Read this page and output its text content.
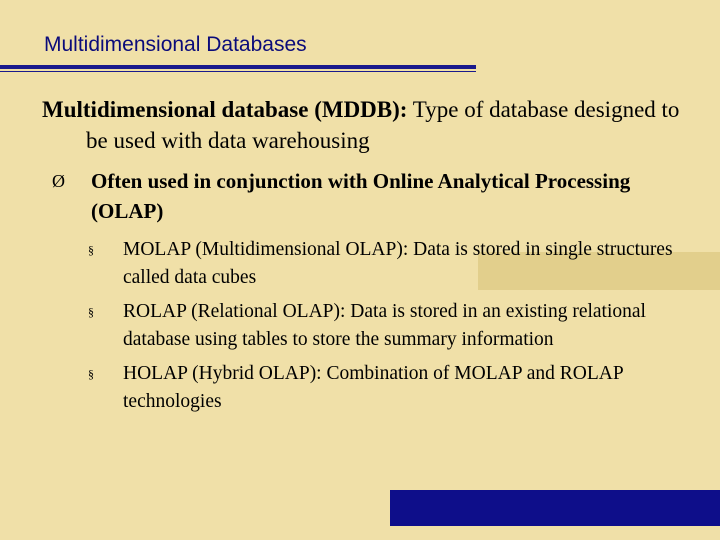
Multidimensional Databases
Multidimensional database (MDDB): Type of database designed to be used with data warehousing
Ø Often used in conjunction with Online Analytical Processing (OLAP)
§ MOLAP (Multidimensional OLAP): Data is stored in single structures called data cubes
§ ROLAP (Relational OLAP): Data is stored in an existing relational database using tables to store the summary information
§ HOLAP (Hybrid OLAP): Combination of MOLAP and ROLAP technologies
